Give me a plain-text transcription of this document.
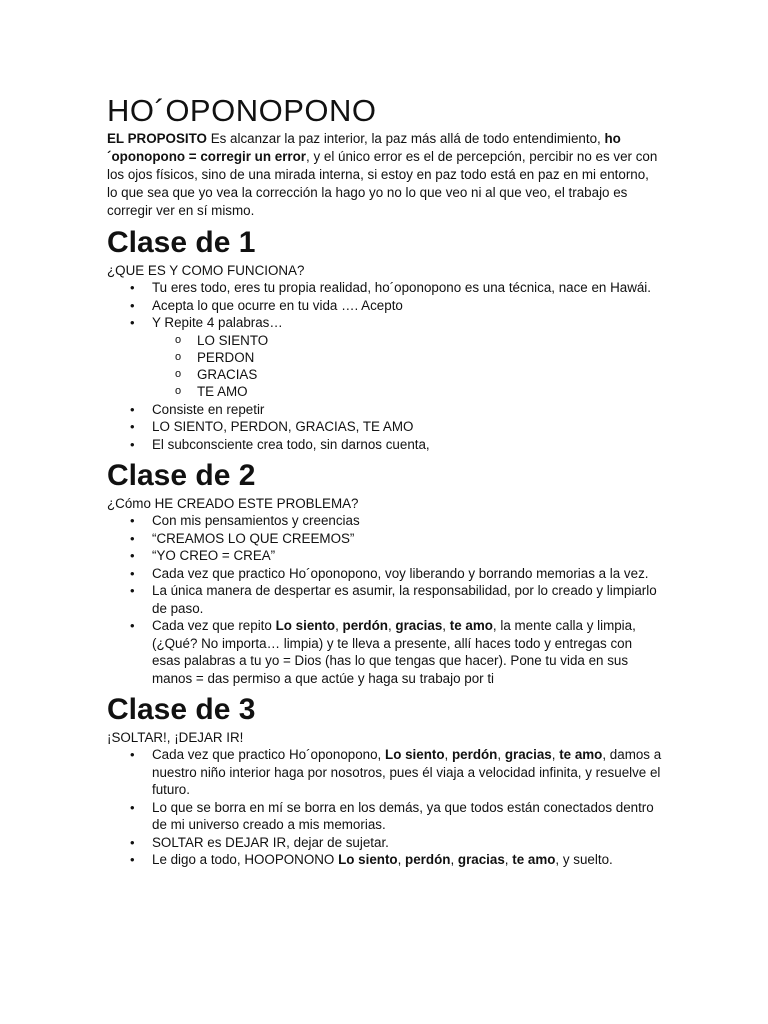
HO´OPONOPONO

EL PROPOSITO Es alcanzar la paz interior, la paz más allá de todo entendimiento, ho´oponopono = corregir un error, y el único error es el de percepción, percibir no es ver con los ojos físicos, sino de una mirada interna, si estoy en paz todo está en paz en mi entorno, lo que sea que yo vea la corrección la hago yo no lo que veo ni al que veo, el trabajo es corregir ver en sí mismo.

Clase de 1

¿QUE ES Y COMO FUNCIONA?

• Tu eres todo, eres tu propia realidad, ho´oponopono es una técnica, nace en Hawái.
• Acepta lo que ocurre en tu vida …. Acepto
• Y Repite 4 palabras…
o LO SIENTO
o PERDON
o GRACIAS
o TE AMO
• Consiste en repetir
• LO SIENTO, PERDON, GRACIAS, TE AMO
• El subconsciente crea todo, sin darnos cuenta,
Clase de 2

¿Cómo HE CREADO ESTE PROBLEMA?

• Con mis pensamientos y creencias
• “CREAMOS LO QUE CREEMOS”
• “YO CREO = CREA”
• Cada vez que practico Ho´oponopono, voy liberando y borrando memorias a la vez.
• La única manera de despertar es asumir, la responsabilidad, por lo creado y limpiarlo de paso.
• Cada vez que repito Lo siento, perdón, gracias, te amo, la mente calla y limpia, (¿Qué? No importa… limpia) y te lleva a presente, allí haces todo y entregas con esas palabras a tu yo = Dios (has lo que tengas que hacer). Pone tu vida en sus manos = das permiso a que actúe y haga su trabajo por ti
Clase de 3

¡SOLTAR!, ¡DEJAR IR!

• Cada vez que practico Ho´oponopono, Lo siento, perdón, gracias, te amo, damos a nuestro niño interior haga por nosotros, pues él viaja a velocidad infinita, y resuelve el futuro.
• Lo que se borra en mí se borra en los demás, ya que todos están conectados dentro de mi universo creado a mis memorias.
• SOLTAR es DEJAR IR, dejar de sujetar.
• Le digo a todo, HOOPONONO Lo siento, perdón, gracias, te amo, y suelto.
